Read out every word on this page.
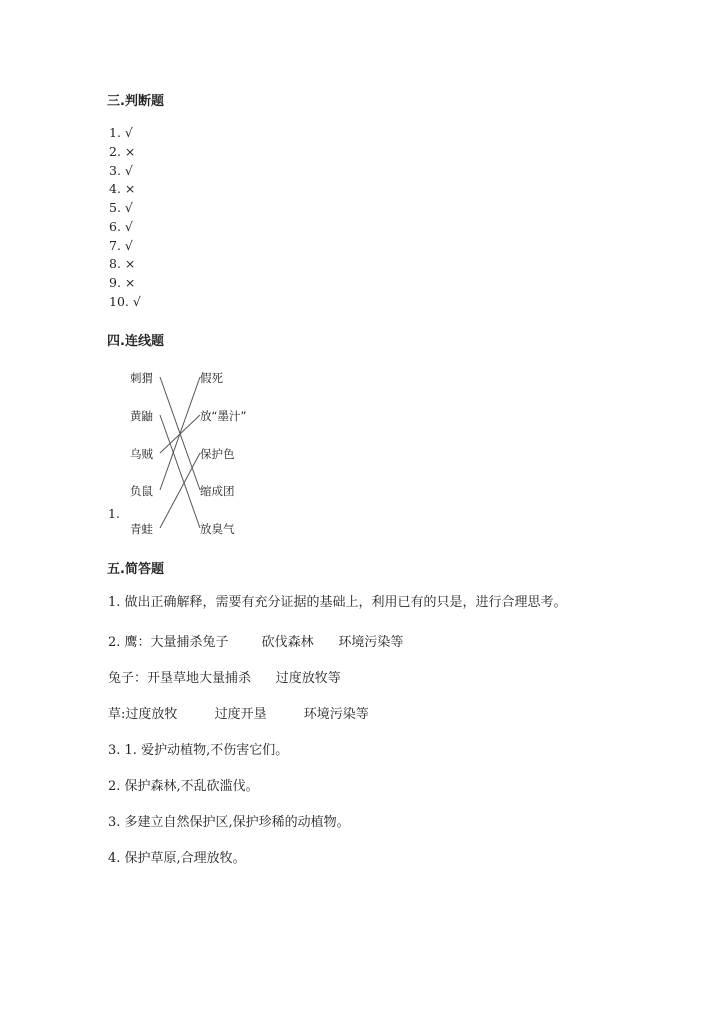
三.判断题
1. √
2. ×
3. √
4. ×
5. √
6. √
7. √
8. ×
9. ×
10. √
四.连线题
1.
刺猬
黄鼬
乌贼
负鼠
青蛙
假死
放“墨汁”
保护色
缩成团
放臭气
五.简答题
1. 做出正确解释，需要有充分证据的基础上，利用已有的只是，进行合理思考。
2. 鹰：大量捕杀兔子        砍伐森林      环境污染等
兔子：开垦草地大量捕杀      过度放牧等
草:过度放牧         过度开垦         环境污染等
3. 1. 爱护动植物,不伤害它们。
2. 保护森林,不乱砍滥伐。
3. 多建立自然保护区,保护珍稀的动植物。
4. 保护草原,合理放牧。
